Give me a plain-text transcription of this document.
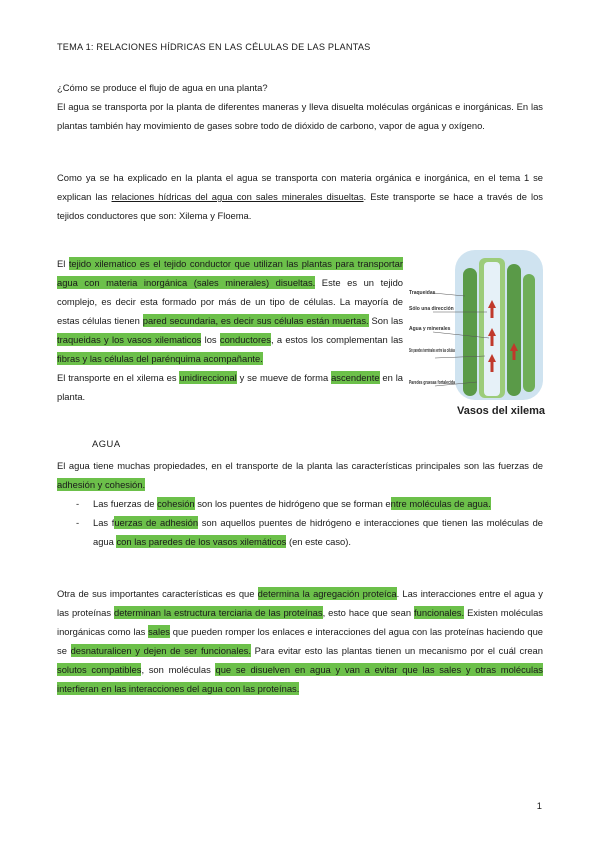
TEMA 1: RELACIONES HÍDRICAS EN LAS CÉLULAS DE LAS PLANTAS

¿Cómo se produce el flujo de agua en una planta?
El agua se transporta por la planta de diferentes maneras y lleva disuelta moléculas orgánicas e inorgánicas. En las plantas también hay movimiento de gases sobre todo de dióxido de carbono, vapor de agua y oxígeno.

Como ya se ha explicado en la planta el agua se transporta con materia orgánica e inorgánica, en el tema 1 se explican las relaciones hídricas del agua con sales minerales disueltas. Este transporte se hace a través de los tejidos conductores que son: Xilema y Floema.

El tejido xilematico es el tejido conductor que utilizan las plantas para transportar agua con materia inorgánica (sales minerales) disueltas. Este es un tejido complejo, es decir esta formado por más de un tipo de células. La mayoría de estas células tienen pared secundaria, es decir sus células están muertas. Son las traqueidas y los vasos xilematicos los conductores, a estos los complementan las fibras y las células del parénquima acompañante.
El transporte en el xilema es unidireccional y se mueve de forma ascendente en la planta.

Traqueidas
Sólo una dirección
Agua y minerales
Sin paredes terminales entre las células
Paredes gruesas fortalecida
Vasos del xilema
AGUA

El agua tiene muchas propiedades, en el transporte de la planta las características principales son las fuerzas de adhesión y cohesión.

- Las fuerzas de cohesión son los puentes de hidrógeno que se forman entre moléculas de agua.
- Las fuerzas de adhesión son aquellos puentes de hidrógeno e interacciones que tienen las moléculas de agua con las paredes de los vasos xilemáticos (en este caso).

Otra de sus importantes características es que determina la agregación proteíca. Las interacciones entre el agua y las proteínas determinan la estructura terciaria de las proteínas, esto hace que sean funcionales. Existen moléculas inorgánicas como las sales que pueden romper los enlaces e interacciones del agua con las proteínas haciendo que se desnaturalicen y dejen de ser funcionales. Para evitar esto las plantas tienen un mecanismo por el cuál crean solutos compatibles, son moléculas que se disuelven en agua y van a evitar que las sales y otras moléculas interfieran en las interacciones del agua con las proteínas.

1
